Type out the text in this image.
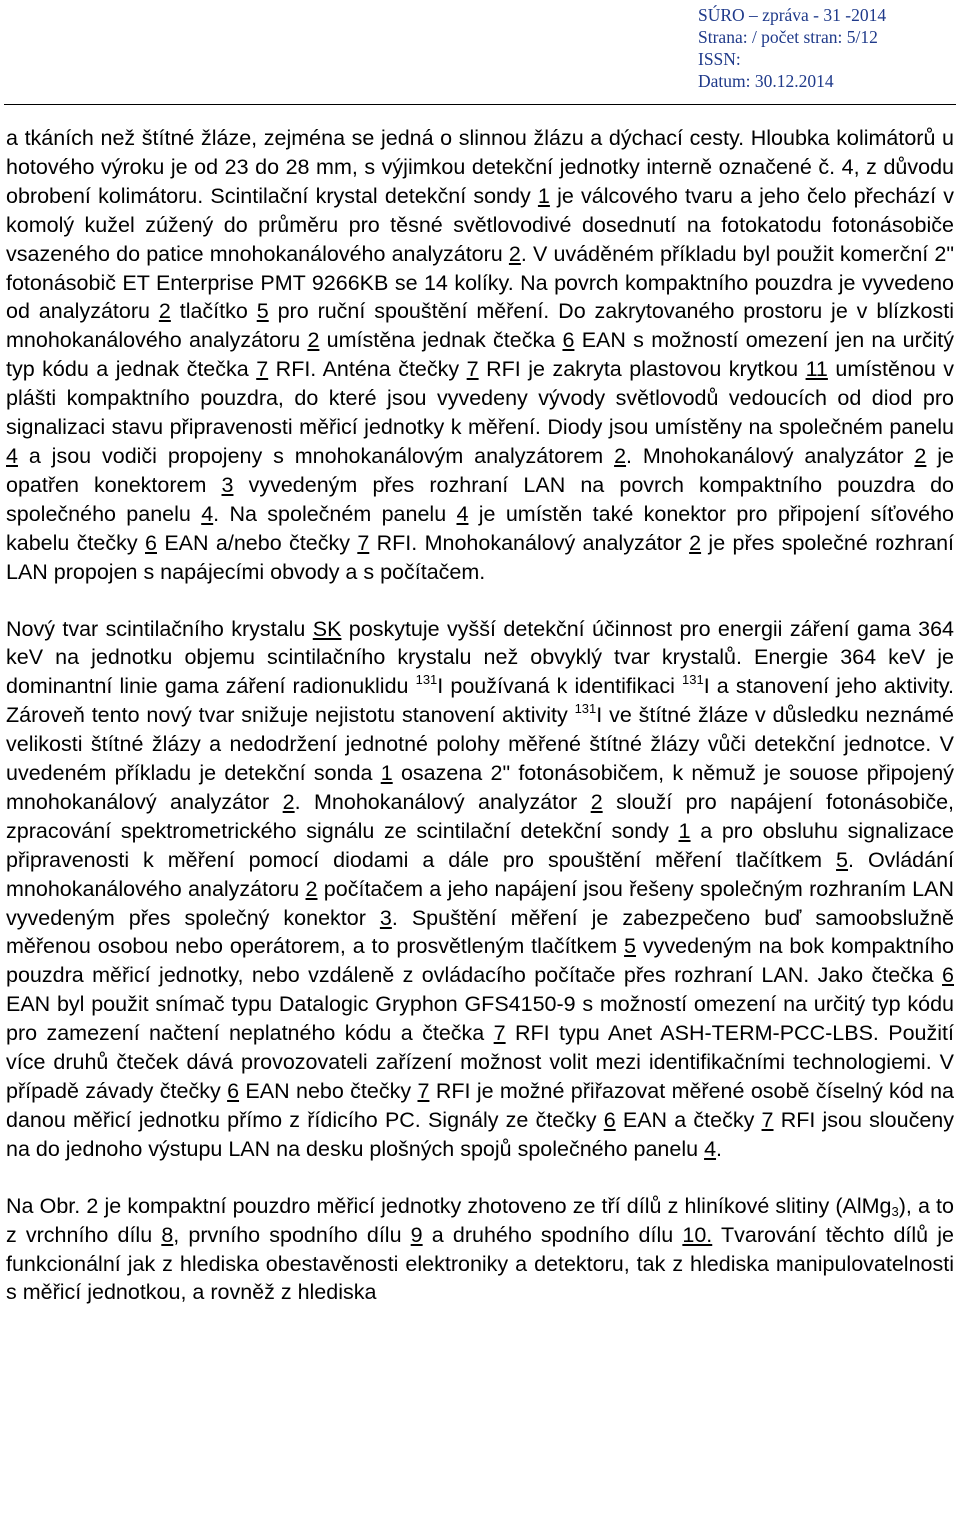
SÚRO – zpráva - 31 -2014
Strana: / počet stran: 5/12
ISSN:
Datum: 30.12.2014

a tkáních než štítné žláze, zejména se jedná o slinnou žlázu a dýchací cesty. Hloubka kolimátorů u hotového výroku je od 23 do 28 mm, s výjimkou detekční jednotky interně označené č. 4, z důvodu obrobení kolimátoru. Scintilační krystal detekční sondy 1 je válcového tvaru a jeho čelo přechází v komolý kužel zúžený do průměru pro těsné světlovodivé dosednutí na fotokatodu fotonásobiče vsazeného do patice mnohokanálového analyzátoru 2. V uváděném příkladu byl použit komerční 2" fotonásobič ET Enterprise PMT 9266KB se 14 kolíky. Na povrch kompaktního pouzdra je vyvedeno od analyzátoru 2 tlačítko 5 pro ruční spouštění měření. Do zakrytovaného prostoru je v blízkosti mnohokanálového analyzátoru 2 umístěna jednak čtečka 6 EAN s možností omezení jen na určitý typ kódu a jednak čtečka 7 RFI. Anténa čtečky 7 RFI je zakryta plastovou krytkou 11 umístěnou v plášti kompaktního pouzdra, do které jsou vyvedeny vývody světlovodů vedoucích od diod pro signalizaci stavu připravenosti měřicí jednotky k měření. Diody jsou umístěny na společném panelu 4 a jsou vodiči propojeny s mnohokanálovým analyzátorem 2. Mnohokanálový analyzátor 2 je opatřen konektorem 3 vyvedeným přes rozhraní LAN na povrch kompaktního pouzdra do společného panelu 4. Na společném panelu 4 je umístěn také konektor pro připojení síťového kabelu čtečky 6 EAN a/nebo čtečky 7 RFI. Mnohokanálový analyzátor 2 je přes společné rozhraní LAN propojen s napájecími obvody a s počítačem.

Nový tvar scintilačního krystalu SK poskytuje vyšší detekční účinnost pro energii záření gama 364 keV na jednotku objemu scintilačního krystalu než obvyklý tvar krystalů. Energie 364 keV je dominantní linie gama záření radionuklidu $^{131}$I používaná k identifikaci $^{131}$I a stanovení jeho aktivity. Zároveň tento nový tvar snižuje nejistotu stanovení aktivity $^{131}$I ve štítné žláze v důsledku neznámé velikosti štítné žlázy a nedodržení jednotné polohy měřené štítné žlázy vůči detekční jednotce. V uvedeném příkladu je detekční sonda 1 osazena 2" fotonásobičem, k němuž je souose připojený mnohokanálový analyzátor 2. Mnohokanálový analyzátor 2 slouží pro napájení fotonásobiče, zpracování spektrometrického signálu ze scintilační detekční sondy 1 a pro obsluhu signalizace připravenosti k měření pomocí diodami a dále pro spouštění měření tlačítkem 5. Ovládání mnohokanálového analyzátoru 2 počítačem a jeho napájení jsou řešeny společným rozhraním LAN vyvedeným přes společný konektor 3. Spuštění měření je zabezpečeno buď samoobslužně měřenou osobou nebo operátorem, a to prosvětleným tlačítkem 5 vyvedeným na bok kompaktního pouzdra měřicí jednotky, nebo vzdáleně z ovládacího počítače přes rozhraní LAN. Jako čtečka 6 EAN byl použit snímač typu Datalogic Gryphon GFS4150-9 s možností omezení na určitý typ kódu pro zamezení načtení neplatného kódu a čtečka 7 RFI typu Anet ASH-TERM-PCC-LBS. Použití více druhů čteček dává provozovateli zařízení možnost volit mezi identifikačními technologiemi. V případě závady čtečky 6 EAN nebo čtečky 7 RFI je možné přiřazovat měřené osobě číselný kód na danou měřicí jednotku přímo z řídicího PC. Signály ze čtečky 6 EAN a čtečky 7 RFI jsou sloučeny na do jednoho výstupu LAN na desku plošných spojů společného panelu 4.

Na Obr. 2 je kompaktní pouzdro měřicí jednotky zhotoveno ze tří dílů z hliníkové slitiny (AlMg$_3$), a to z vrchního dílu 8, prvního spodního dílu 9 a druhého spodního dílu 10. Tvarování těchto dílů je funkcionální jak z hlediska obestavěnosti elektroniky a detektoru, tak z hlediska manipulovatelnosti s měřicí jednotkou, a rovněž z hlediska
